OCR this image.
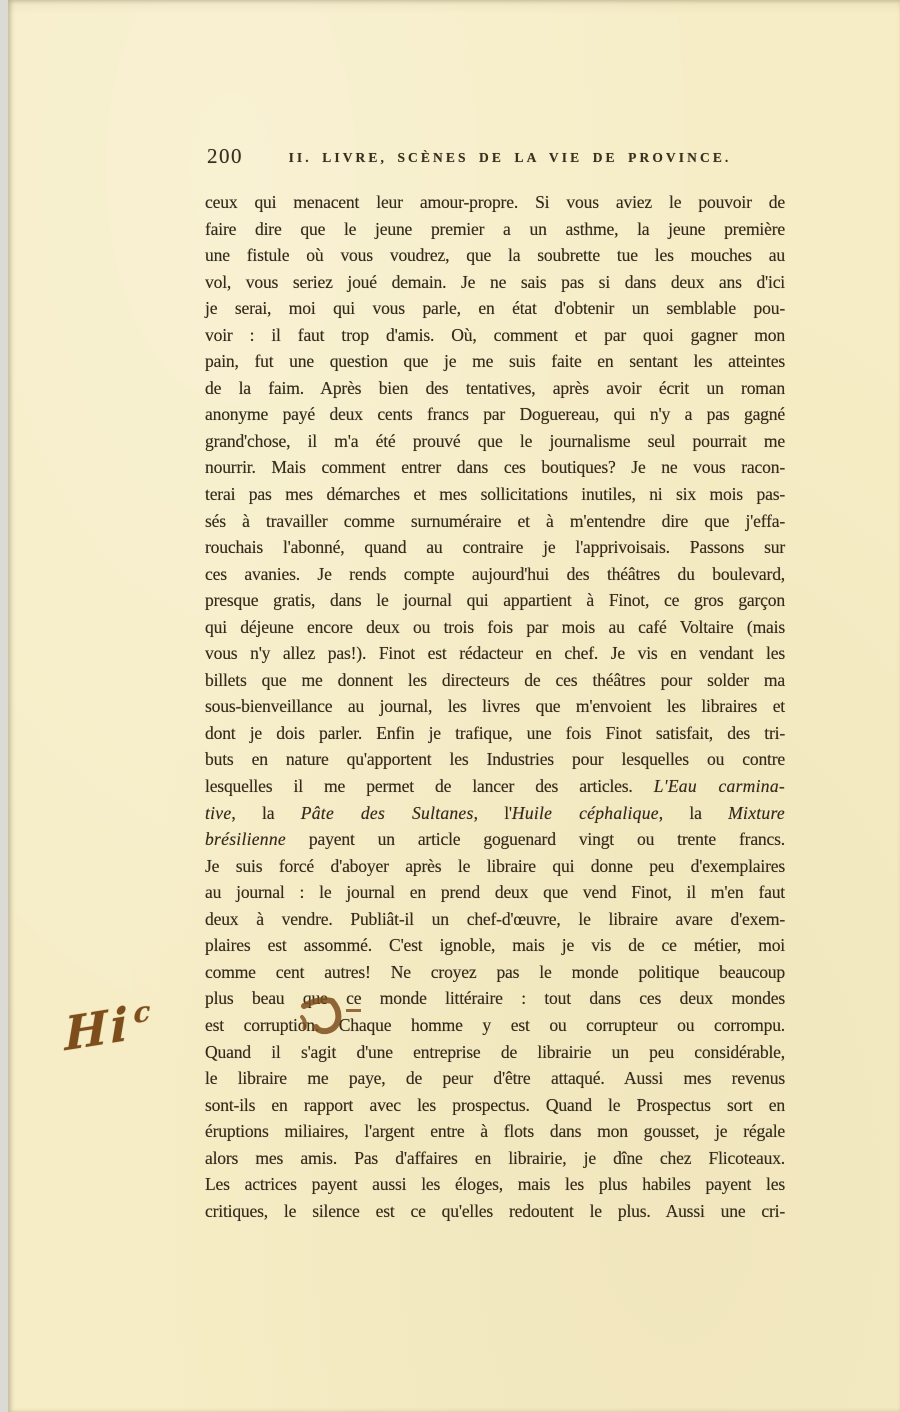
200	II. LIVRE, SCÈNES DE LA VIE DE PROVINCE.
ceux qui menacent leur amour-propre. Si vous aviez le pouvoir de
faire dire que le jeune premier a un asthme, la jeune première
une fistule où vous voudrez, que la soubrette tue les mouches au
vol, vous seriez joué demain. Je ne sais pas si dans deux ans d'ici
je serai, moi qui vous parle, en état d'obtenir un semblable pou-
voir : il faut trop d'amis. Où, comment et par quoi gagner mon
pain, fut une question que je me suis faite en sentant les atteintes
de la faim. Après bien des tentatives, après avoir écrit un roman
anonyme payé deux cents francs par Doguereau, qui n'y a pas gagné
grand'chose, il m'a été prouvé que le journalisme seul pourrait me
nourrir. Mais comment entrer dans ces boutiques? Je ne vous racon-
terai pas mes démarches et mes sollicitations inutiles, ni six mois pas-
sés à travailler comme surnuméraire et à m'entendre dire que j'effa-
rouchais l'abonné, quand au contraire je l'apprivoisais. Passons sur
ces avanies. Je rends compte aujourd'hui des théâtres du boulevard,
presque gratis, dans le journal qui appartient à Finot, ce gros garçon
qui déjeune encore deux ou trois fois par mois au café Voltaire (mais
vous n'y allez pas!). Finot est rédacteur en chef. Je vis en vendant les
billets que me donnent les directeurs de ces théâtres pour solder ma
sous-bienveillance au journal, les livres que m'envoient les libraires et
dont je dois parler. Enfin je trafique, une fois Finot satisfait, des tri-
buts en nature qu'apportent les Industries pour lesquelles ou contre
lesquelles il me permet de lancer des articles. L'Eau carmina-
tive, la Pâte des Sultanes, l'Huile céphalique, la Mixture
brésilienne payent un article goguenard vingt ou trente francs.
Je suis forcé d'aboyer après le libraire qui donne peu d'exemplaires
au journal : le journal en prend deux que vend Finot, il m'en faut
deux à vendre. Publiât-il un chef-d'œuvre, le libraire avare d'exem-
plaires est assommé. C'est ignoble, mais je vis de ce métier, moi
comme cent autres! Ne croyez pas le monde politique beaucoup
plus beau que ce monde littéraire : tout dans ces deux mondes
est corruption. Chaque homme y est ou corrupteur ou corrompu.
Quand il s'agit d'une entreprise de librairie un peu considérable,
le libraire me paye, de peur d'être attaqué. Aussi mes revenus
sont-ils en rapport avec les prospectus. Quand le Prospectus sort en
éruptions miliaires, l'argent entre à flots dans mon gousset, je régale
alors mes amis. Pas d'affaires en librairie, je dîne chez Flicoteaux.
Les actrices payent aussi les éloges, mais les plus habiles payent les
critiques, le silence est ce qu'elles redoutent le plus. Aussi une cri-
Hi$^c$
